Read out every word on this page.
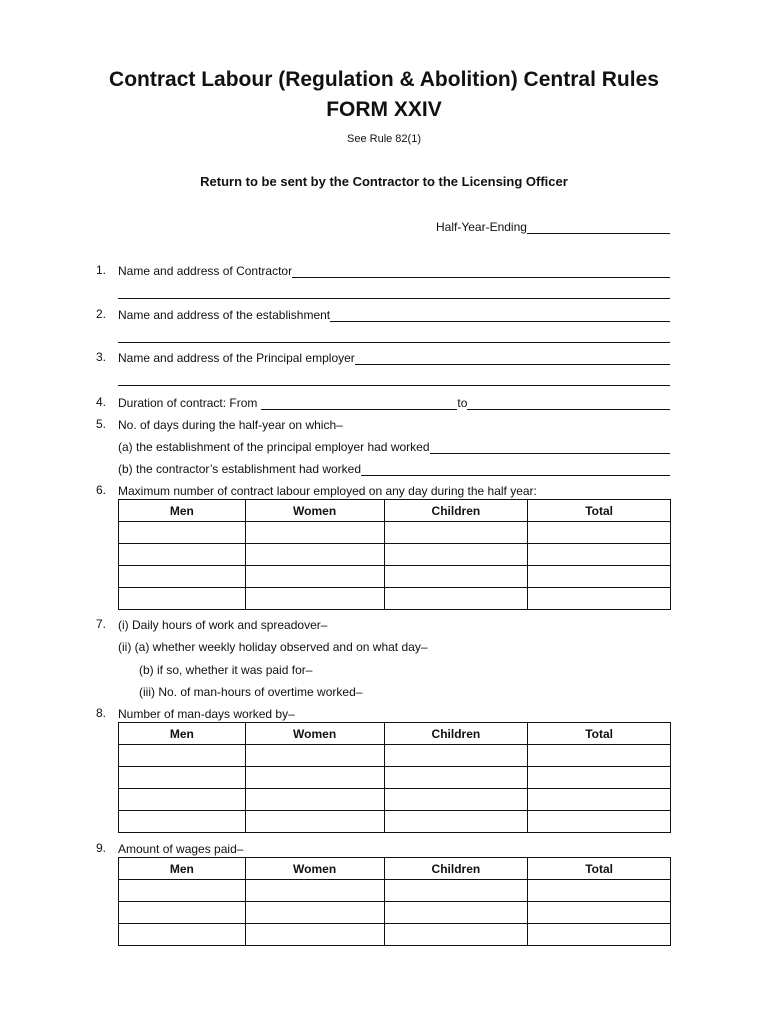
Contract Labour (Regulation & Abolition) Central Rules
FORM XXIV
See Rule 82(1)
Return to be sent by the Contractor to the Licensing Officer
Half-Year-Ending
1. Name and address of Contractor
2. Name and address of the establishment
3. Name and address of the Principal employer
4. Duration of contract: From	to
5. No. of days during the half-year on which–
(a) the establishment of the principal employer had worked
(b) the contractor’s establishment had worked
6. Maximum number of contract labour employed on any day during the half year:
Men	Women	Children	Total

7. (i) Daily hours of work and spreadover–
(ii) (a) whether weekly holiday observed and on what day–
(b) if so, whether it was paid for–
(iii) No. of man-hours of overtime worked–
8. Number of man-days worked by–
Men	Women	Children	Total

9. Amount of wages paid–
Men	Women	Children	Total
